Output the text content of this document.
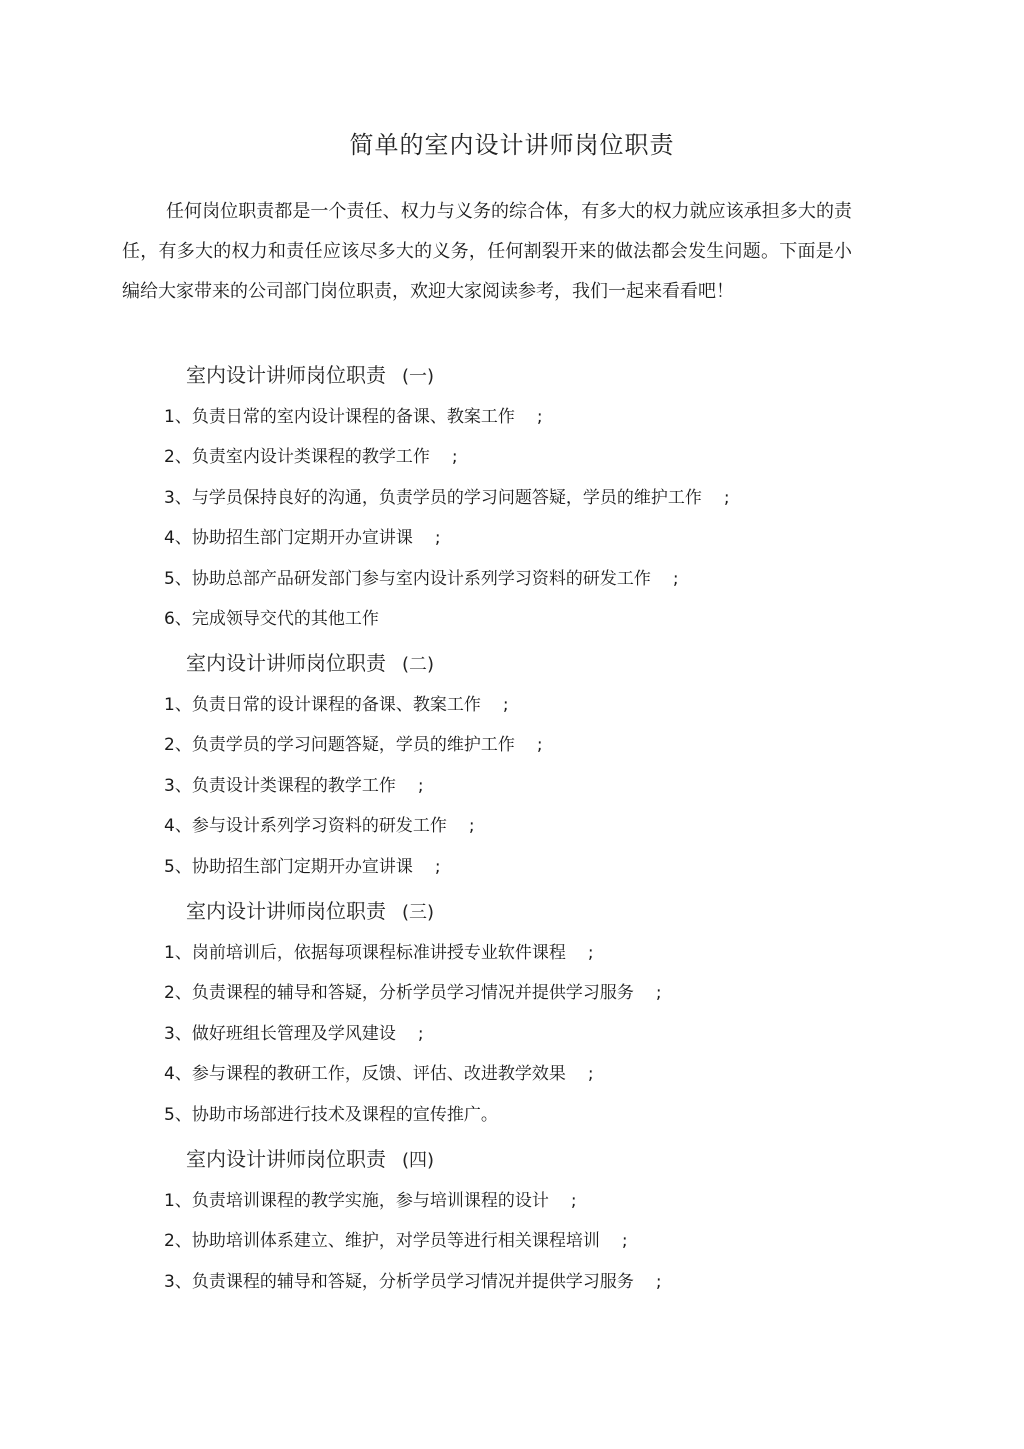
简单的室内设计讲师岗位职责

任何岗位职责都是一个责任、权力与义务的综合体，有多大的权力就应该承担多大的责任，有多大的权力和责任应该尽多大的义务，任何割裂开来的做法都会发生问题。下面是小编给大家带来的公司部门岗位职责，欢迎大家阅读参考，我们一起来看看吧！

室内设计讲师岗位职责 (一)
1、负责日常的室内设计课程的备课、教案工作 ;
2、负责室内设计类课程的教学工作 ;
3、与学员保持良好的沟通，负责学员的学习问题答疑，学员的维护工作 ;
4、协助招生部门定期开办宣讲课 ;
5、协助总部产品研发部门参与室内设计系列学习资料的研发工作 ;
6、完成领导交代的其他工作
室内设计讲师岗位职责 (二)
1、负责日常的设计课程的备课、教案工作 ;
2、负责学员的学习问题答疑，学员的维护工作 ;
3、负责设计类课程的教学工作 ;
4、参与设计系列学习资料的研发工作 ;
5、协助招生部门定期开办宣讲课 ;
室内设计讲师岗位职责 (三)
1、岗前培训后，依据每项课程标准讲授专业软件课程 ;
2、负责课程的辅导和答疑，分析学员学习情况并提供学习服务 ;
3、做好班组长管理及学风建设 ;
4、参与课程的教研工作，反馈、评估、改进教学效果 ;
5、协助市场部进行技术及课程的宣传推广。
室内设计讲师岗位职责 (四)
1、负责培训课程的教学实施，参与培训课程的设计 ;
2、协助培训体系建立、维护，对学员等进行相关课程培训 ;
3、负责课程的辅导和答疑，分析学员学习情况并提供学习服务 ;
